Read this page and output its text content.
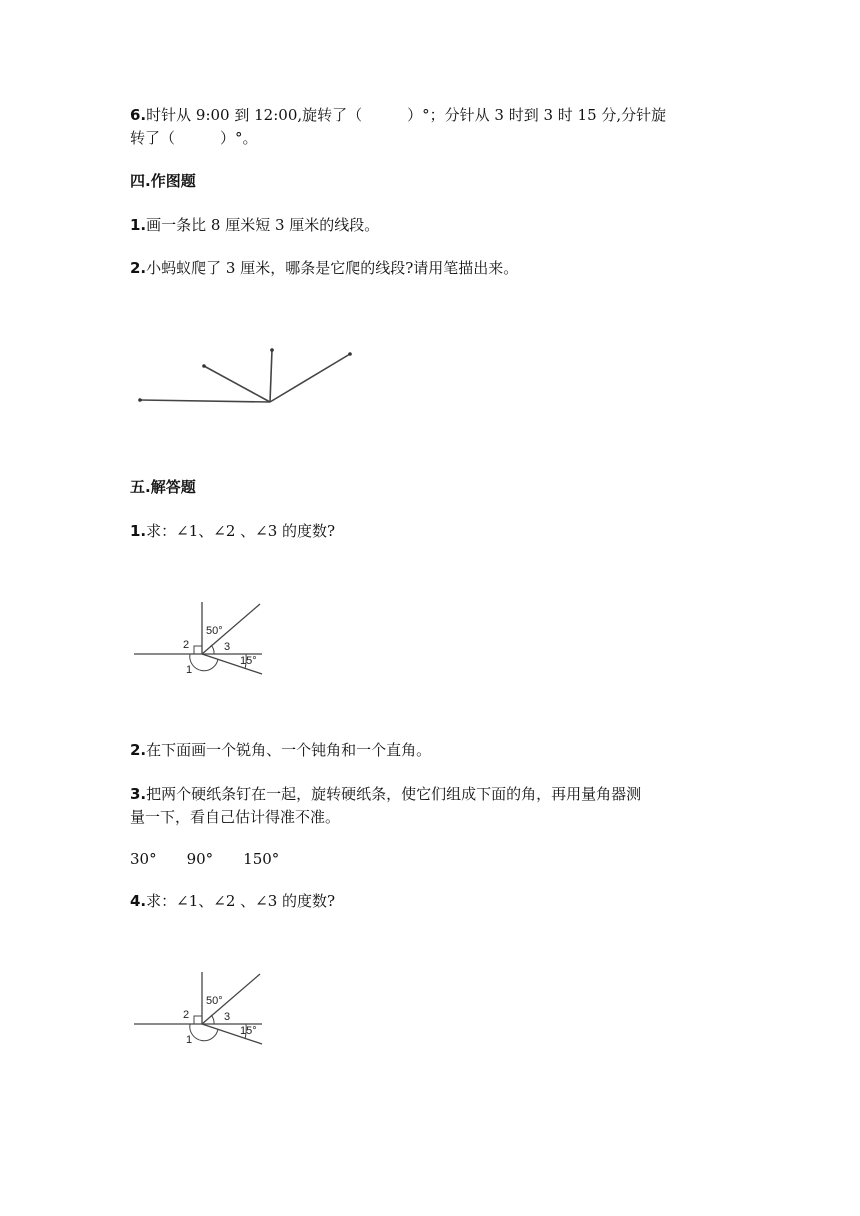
6.时针从 9:00 到 12:00,旋转了（　　　）°；分针从 3 时到 3 时 15 分,分针旋
转了（　　　）°。
四.作图题
1.画一条比 8 厘米短 3 厘米的线段。
2.小蚂蚁爬了 3 厘米，哪条是它爬的线段?请用笔描出来。
五.解答题
1.求：∠1、∠2 、∠3 的度数?
50°
2	3
15°
1
2.在下面画一个锐角、一个钝角和一个直角。
3.把两个硬纸条钉在一起，旋转硬纸条，使它们组成下面的角，再用量角器测
量一下，看自己估计得准不准。
30°　　90°　　150°
4.求：∠1、∠2 、∠3 的度数?
50°
2	3
15°
1
